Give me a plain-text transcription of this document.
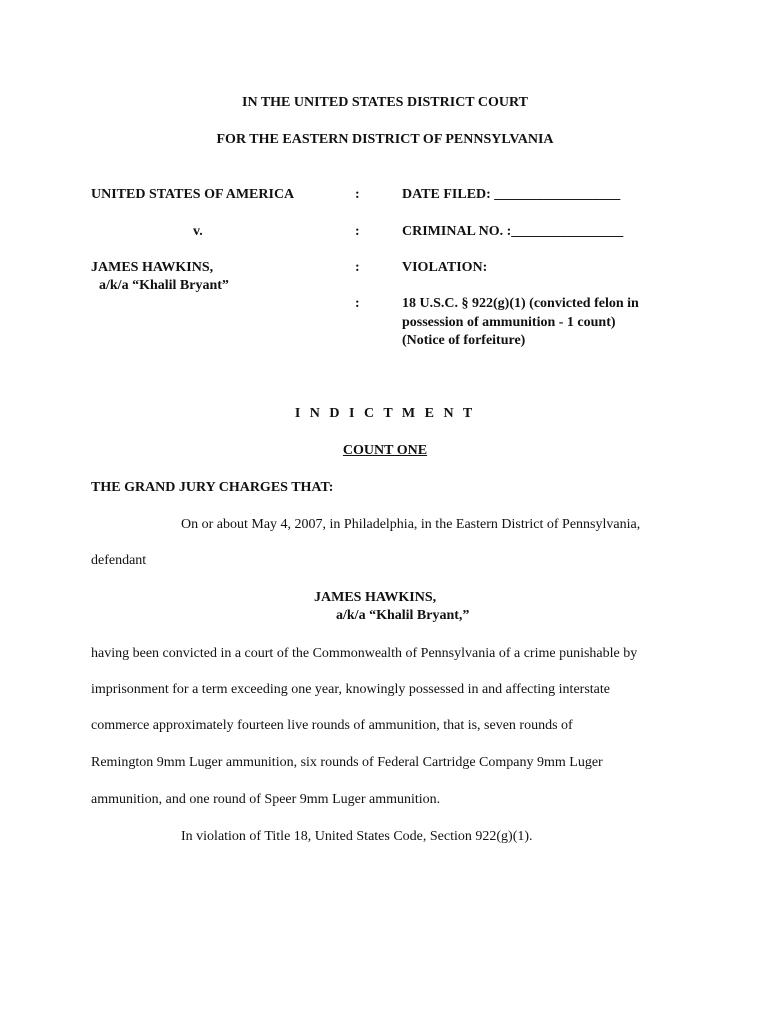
IN THE UNITED STATES DISTRICT COURT
FOR THE EASTERN DISTRICT OF PENNSYLVANIA
UNITED STATES OF AMERICA
v.
JAMES HAWKINS,
a/k/a “Khalil Bryant”
:
:
:
:
DATE FILED: __________________
CRIMINAL NO. :________________
VIOLATION:
18 U.S.C. § 922(g)(1) (convicted felon in
possession of ammunition - 1 count)
(Notice of forfeiture)
I N D I C T M E N T
COUNT ONE
THE GRAND JURY CHARGES THAT:
On or about May 4, 2007, in Philadelphia, in the Eastern District of Pennsylvania,
defendant
JAMES HAWKINS,
a/k/a “Khalil Bryant,”
having been convicted in a court of the Commonwealth of Pennsylvania of a crime punishable by
imprisonment for a term exceeding one year, knowingly possessed in and affecting interstate
commerce approximately fourteen live rounds of ammunition, that is, seven rounds of
Remington 9mm Luger ammunition, six rounds of Federal Cartridge Company 9mm Luger
ammunition, and one round of Speer 9mm Luger ammunition.
In violation of Title 18, United States Code, Section 922(g)(1).
